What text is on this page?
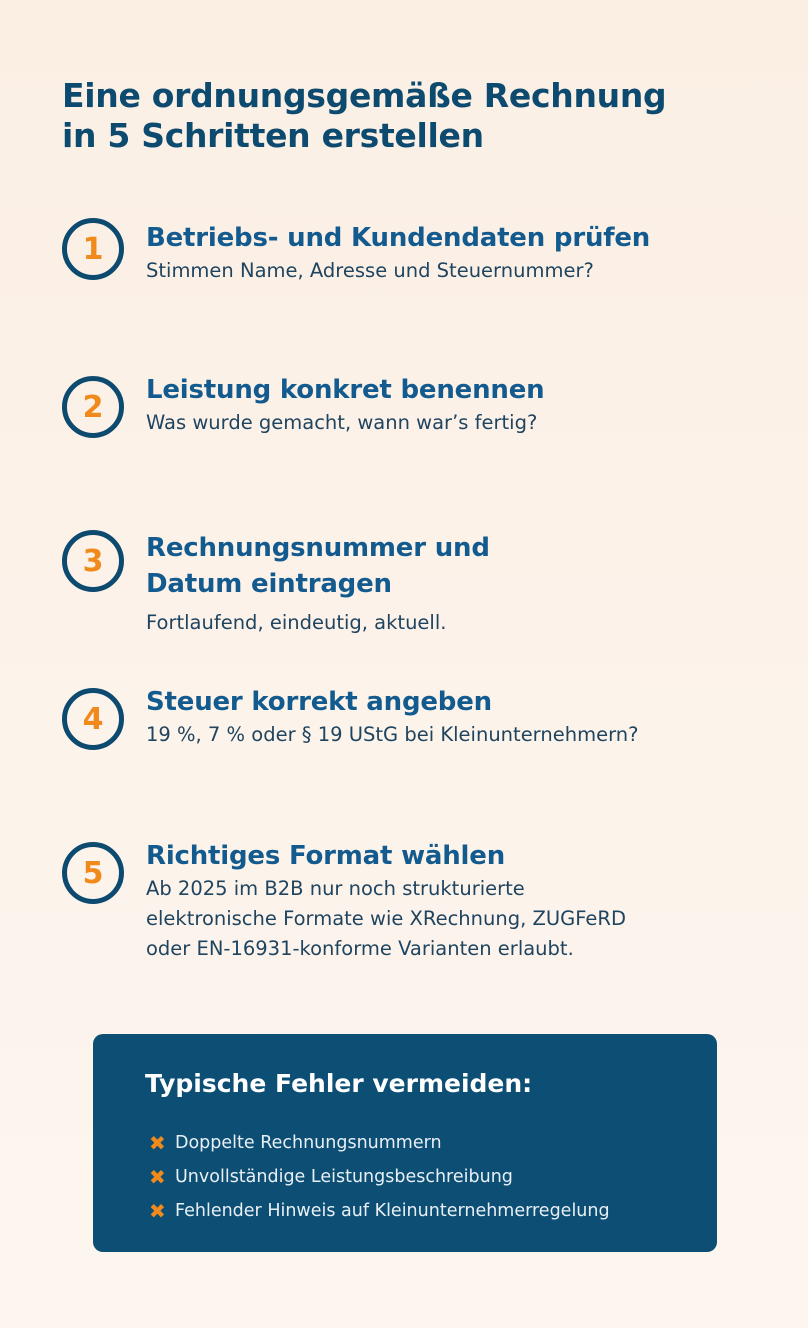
Eine ordnungsgemäße Rechnung
in 5 Schritten erstellen
1	Betriebs- und Kundendaten prüfen

Stimmen Name, Adresse und Steuernummer?

2	Leistung konkret benennen

Was wurde gemacht, wann war’s fertig?

3	Rechnungsnummer und
Datum eintragen

Fortlaufend, eindeutig, aktuell.

4	Steuer korrekt angeben

19 %, 7 % oder § 19 UStG bei Kleinunternehmern?

5	Richtiges Format wählen

Ab 2025 im B2B nur noch strukturierte
elektronische Formate wie XRechnung, ZUGFeRD
oder EN-16931-konforme Varianten erlaubt.

Typische Fehler vermeiden:
✖ Doppelte Rechnungsnummern
✖ Unvollständige Leistungsbeschreibung
✖ Fehlender Hinweis auf Kleinunternehmerregelung
